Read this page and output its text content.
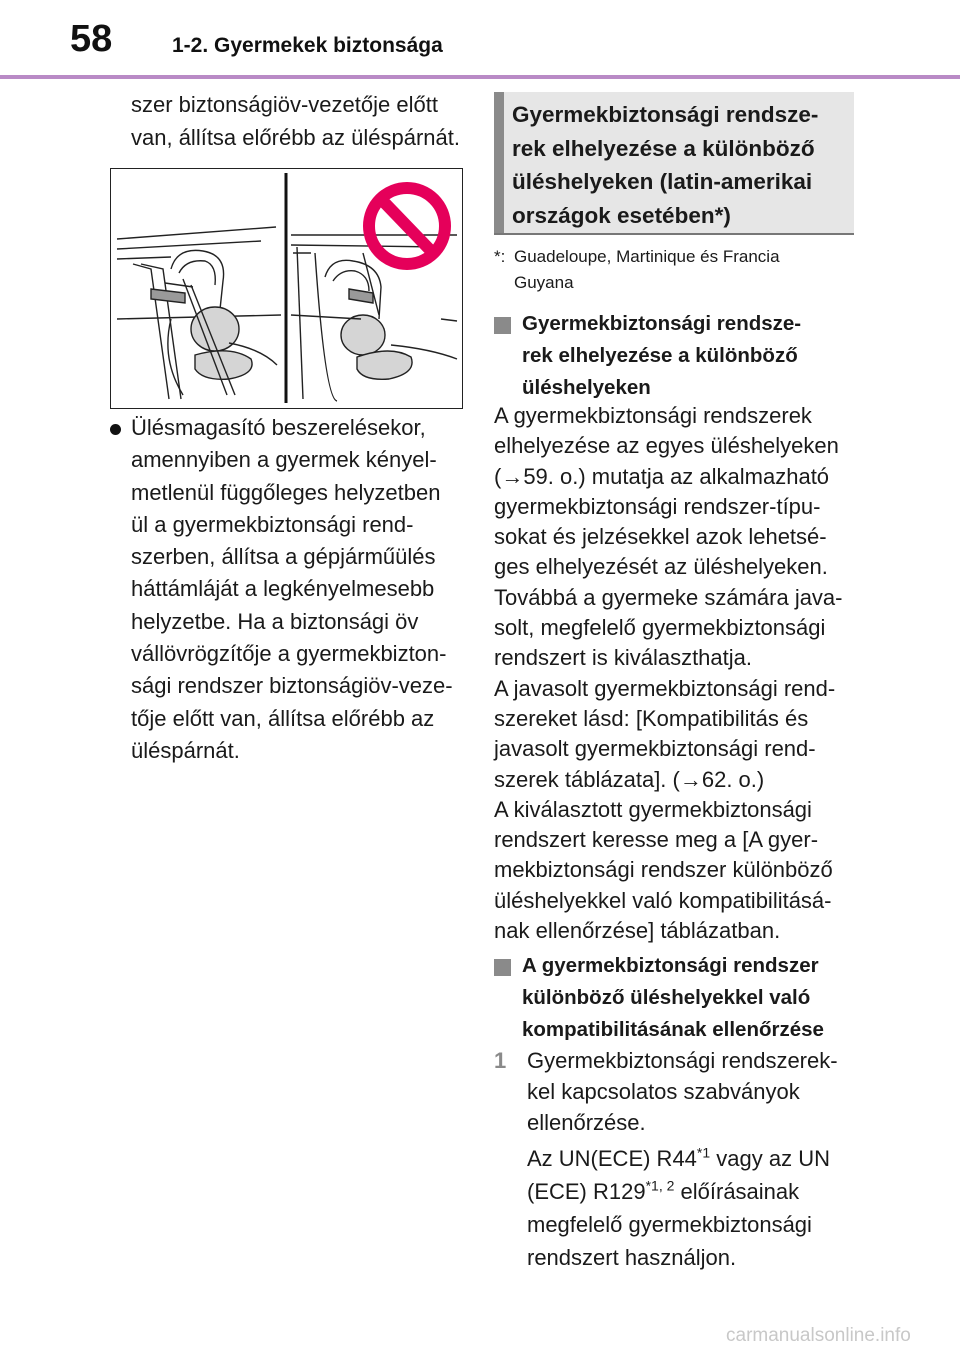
58	1-2. Gyermekek biztonsága
szer biztonságiöv-vezetője előtt
van, állítsa előrébb az üléspárnát.
Ülésmagasító beszerelésekor,
amennyiben a gyermek kényel-
metlenül függőleges helyzetben
ül a gyermekbiztonsági rend-
szerben, állítsa a gépjárműülés
háttámláját a legkényelmesebb
helyzetbe. Ha a biztonsági öv
vállövrögzítője a gyermekbizton-
sági rendszer biztonságiöv-veze-
tője előtt van, állítsa előrébb az
üléspárnát.
Gyermekbiztonsági rendsze-
rek elhelyezése a különböző
üléshelyeken (latin-amerikai
országok esetében*)
*: Guadeloupe, Martinique és Francia
Guyana
Gyermekbiztonsági rendsze-
rek elhelyezése a különböző
üléshelyeken
A gyermekbiztonsági rendszerek
elhelyezése az egyes üléshelyeken
(→59. o.) mutatja az alkalmazható
gyermekbiztonsági rendszer-típu-
sokat és jelzésekkel azok lehetsé-
ges elhelyezését az üléshelyeken.
Továbbá a gyermeke számára java-
solt, megfelelő gyermekbiztonsági
rendszert is kiválaszthatja.
A javasolt gyermekbiztonsági rend-
szereket lásd: [Kompatibilitás és
javasolt gyermekbiztonsági rend-
szerek táblázata]. (→62. o.)
A kiválasztott gyermekbiztonsági
rendszert keresse meg a [A gyer-
mekbiztonsági rendszer különböző
üléshelyekkel való kompatibilitásá-
nak ellenőrzése] táblázatban.
A gyermekbiztonsági rendszer
különböző üléshelyekkel való
kompatibilitásának ellenőrzése
1 Gyermekbiztonsági rendszerek-
kel kapcsolatos szabványok
ellenőrzése.
Az UN(ECE) R44$^{*1}$ vagy az UN
(ECE) R129$^{*1, 2}$ előírásainak
megfelelő gyermekbiztonsági
rendszert használjon.
carmanualsonline.info
